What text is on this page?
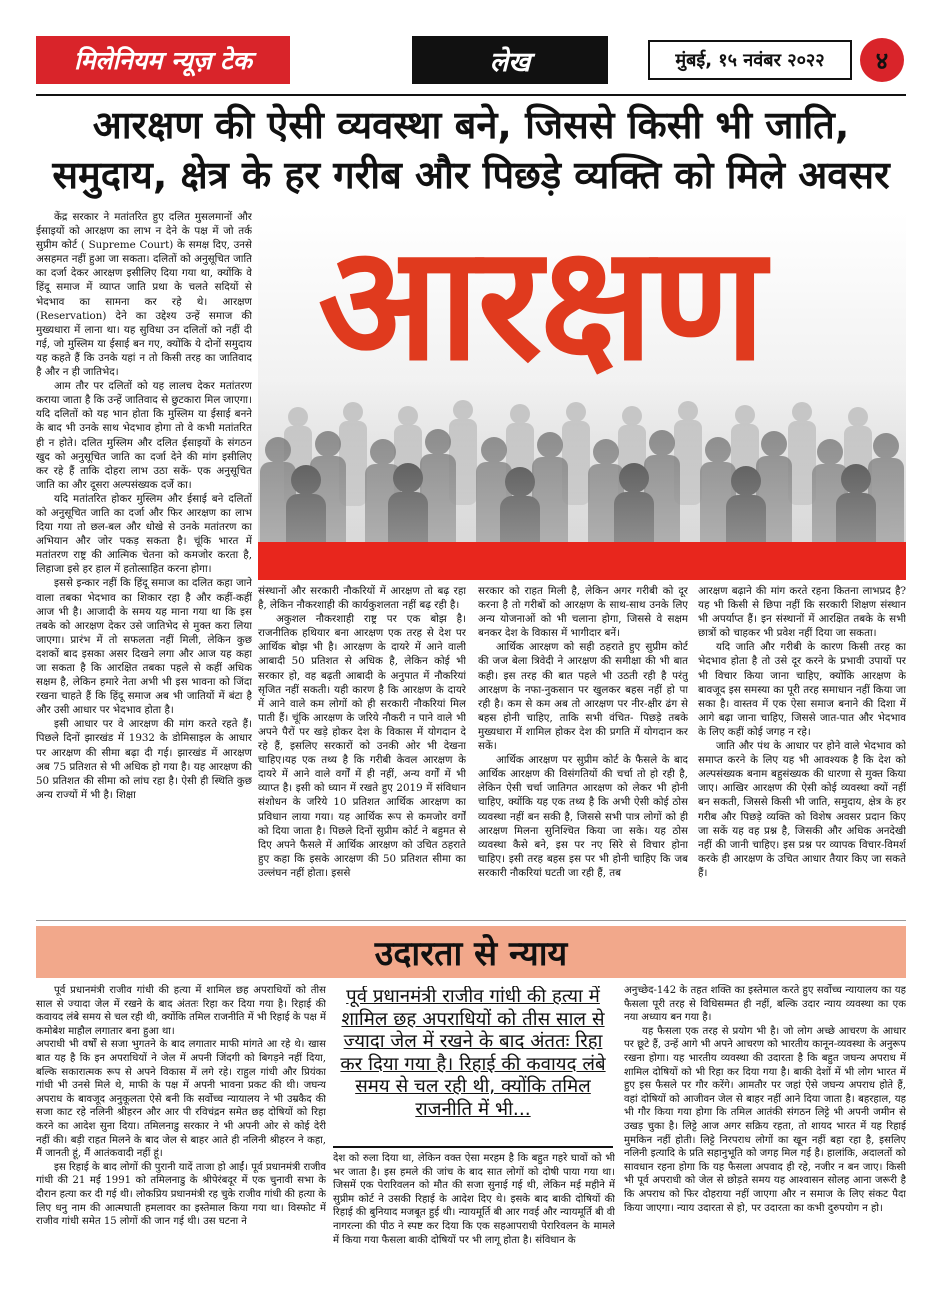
मिलेनियम न्यूज़ टेक	लेख	मुंबई, १५ नवंबर २०२२	४
आरक्षण की ऐसी व्यवस्था बने, जिससे किसी भी जाति,
समुदाय, क्षेत्र के हर गरीब और पिछड़े व्यक्ति को मिले अवसर

केंद्र सरकार ने मतांतरित हुए दलित मुसलमानों और ईसाइयों को आरक्षण का लाभ न देने के पक्ष में जो तर्क सुप्रीम कोर्ट ( Supreme Court) के समक्ष दिए, उनसे असहमत नहीं हुआ जा सकता। दलितों को अनुसूचित जाति का दर्जा देकर आरक्षण इसीलिए दिया गया था, क्योंकि वे हिंदू समाज में व्याप्त जाति प्रथा के चलते सदियों से भेदभाव का सामना कर रहे थे। आरक्षण (Reservation) देने का उद्देश्य उन्हें समाज की मुख्यधारा में लाना था। यह सुविधा उन दलितों को नहीं दी गई, जो मुस्लिम या ईसाई बन गए, क्योंकि ये दोनों समुदाय यह कहते हैं कि उनके यहां न तो किसी तरह का जातिवाद है और न ही जातिभेद।

आम तौर पर दलितों को यह लालच देकर मतांतरण कराया जाता है कि उन्हें जातिवाद से छुटकारा मिल जाएगा। यदि दलितों को यह भान होता कि मुस्लिम या ईसाई बनने के बाद भी उनके साथ भेदभाव होगा तो वे कभी मतांतरित ही न होते। दलित मुस्लिम और दलित ईसाइयों के संगठन खुद को अनुसूचित जाति का दर्जा देने की मांग इसीलिए कर रहे हैं ताकि दोहरा लाभ उठा सकें- एक अनुसूचित जाति का और दूसरा अल्पसंख्यक दर्जे का।

यदि मतांतरित होकर मुस्लिम और ईसाई बने दलितों को अनुसूचित जाति का दर्जा और फिर आरक्षण का लाभ दिया गया तो छल-बल और धोखे से उनके मतांतरण का अभियान और जोर पकड़ सकता है। चूंकि भारत में मतांतरण राष्ट्र की आत्मिक चेतना को कमजोर करता है, लिहाजा इसे हर हाल में हतोत्साहित करना होगा।

इससे इन्कार नहीं कि हिंदू समाज का दलित कहा जाने वाला तबका भेदभाव का शिकार रहा है और कहीं-कहीं आज भी है। आजादी के समय यह माना गया था कि इस तबके को आरक्षण देकर उसे जातिभेद से मुक्त करा लिया जाएगा। प्रारंभ में तो सफलता नहीं मिली, लेकिन कुछ दशकों बाद इसका असर दिखने लगा और आज यह कहा जा सकता है कि आरक्षित तबका पहले से कहीं अधिक सक्षम है, लेकिन हमारे नेता अभी भी इस भावना को जिंदा रखना चाहते हैं कि हिंदू समाज अब भी जातियों में बंटा है और उसी आधार पर भेदभाव होता है।

इसी आधार पर वे आरक्षण की मांग करते रहते हैं। पिछले दिनों झारखंड में 1932 के डोमिसाइल के आधार पर आरक्षण की सीमा बढ़ा दी गई। झारखंड में आरक्षण अब 75 प्रतिशत से भी अधिक हो गया है। यह आरक्षण की 50 प्रतिशत की सीमा को लांघ रहा है। ऐसी ही स्थिति कुछ अन्य राज्यों में भी है। शिक्षा

आरक्षण

संस्थानों और सरकारी नौकरियों में आरक्षण तो बढ़ रहा है, लेकिन नौकरशाही की कार्यकुशलता नहीं बढ़ रही है।

अकुशल नौकरशाही राष्ट्र पर एक बोझ है। राजनीतिक हथियार बना आरक्षण एक तरह से देश पर आर्थिक बोझ भी है। आरक्षण के दायरे में आने वाली आबादी 50 प्रतिशत से अधिक है, लेकिन कोई भी सरकार हो, वह बढ़ती आबादी के अनुपात में नौकरियां सृजित नहीं सकती। यही कारण है कि आरक्षण के दायरे में आने वाले कम लोगों को ही सरकारी नौकरियां मिल पाती हैं। चूंकि आरक्षण के जरिये नौकरी न पाने वाले भी अपने पैरों पर खड़े होकर देश के विकास में योगदान दे रहे हैं, इसलिए सरकारों को उनकी ओर भी देखना चाहिए।यह एक तथ्य है कि गरीबी केवल आरक्षण के दायरे में आने वाले वर्गों में ही नहीं, अन्य वर्गों में भी व्याप्त है। इसी को ध्यान में रखते हुए 2019 में संविधान संशोधन के जरिये 10 प्रतिशत आर्थिक आरक्षण का प्रविधान लाया गया। यह आर्थिक रूप से कमजोर वर्गों को दिया जाता है। पिछले दिनों सुप्रीम कोर्ट ने बहुमत से दिए अपने फैसले में आर्थिक आरक्षण को उचित ठहराते हुए कहा कि इसके आरक्षण की 50 प्रतिशत सीमा का उल्लंघन नहीं होता। इससे

सरकार को राहत मिली है, लेकिन अगर गरीबी को दूर करना है तो गरीबों को आरक्षण के साथ-साथ उनके लिए अन्य योजनाओं को भी चलाना होगा, जिससे वे सक्षम बनकर देश के विकास में भागीदार बनें।

आर्थिक आरक्षण को सही ठहराते हुए सुप्रीम कोर्ट की जज बेला त्रिवेदी ने आरक्षण की समीक्षा की भी बात कही। इस तरह की बात पहले भी उठती रही है परंतु आरक्षण के नफा-नुकसान पर खुलकर बहस नहीं हो पा रही है। कम से कम अब तो आरक्षण पर नीर-क्षीर ढंग से बहस होनी चाहिए, ताकि सभी वंचित- पिछड़े तबके मुख्यधारा में शामिल होकर देश की प्रगति में योगदान कर सकें।

आर्थिक आरक्षण पर सुप्रीम कोर्ट के फैसले के बाद आर्थिक आरक्षण की विसंगतियों की चर्चा तो हो रही है, लेकिन ऐसी चर्चा जातिगत आरक्षण को लेकर भी होनी चाहिए, क्योंकि यह एक तथ्य है कि अभी ऐसी कोई ठोस व्यवस्था नहीं बन सकी है, जिससे सभी पात्र लोगों को ही आरक्षण मिलना सुनिश्चित किया जा सके। यह ठोस व्यवस्था कैसे बने, इस पर नए सिरे से विचार होना चाहिए। इसी तरह बहस इस पर भी होनी चाहिए कि जब सरकारी नौकरियां घटती जा रही हैं, तब

आरक्षण बढ़ाने की मांग करते रहना कितना लाभप्रद है? यह भी किसी से छिपा नहीं कि सरकारी शिक्षण संस्थान भी अपर्याप्त हैं। इन संस्थानों में आरक्षित तबके के सभी छात्रों को चाहकर भी प्रवेश नहीं दिया जा सकता।

यदि जाति और गरीबी के कारण किसी तरह का भेदभाव होता है तो उसे दूर करने के प्रभावी उपायों पर भी विचार किया जाना चाहिए, क्योंकि आरक्षण के बावजूद इस समस्या का पूरी तरह समाधान नहीं किया जा सका है। वास्तव में एक ऐसा समाज बनाने की दिशा में आगे बढ़ा जाना चाहिए, जिससे जात-पात और भेदभाव के लिए कहीं कोई जगह न रहे।

जाति और पंथ के आधार पर होने वाले भेदभाव को समाप्त करने के लिए यह भी आवश्यक है कि देश को अल्पसंख्यक बनाम बहुसंख्यक की धारणा से मुक्त किया जाए। आखिर आरक्षण की ऐसी कोई व्यवस्था क्यों नहीं बन सकती, जिससे किसी भी जाति, समुदाय, क्षेत्र के हर गरीब और पिछड़े व्यक्ति को विशेष अवसर प्रदान किए जा सकें यह वह प्रश्न है, जिसकी और अधिक अनदेखी नहीं की जानी चाहिए। इस प्रश्न पर व्यापक विचार-विमर्श करके ही आरक्षण के उचित आधार तैयार किए जा सकते हैं।

उदारता से न्याय

पूर्व प्रधानमंत्री राजीव गांधी की हत्या में शामिल छह अपराधियों को तीस साल से ज्यादा जेल में रखने के बाद अंततः रिहा कर दिया गया है। रिहाई की कवायद लंबे समय से चल रही थी, क्योंकि तमिल राजनीति में भी रिहाई के पक्ष में कमोबेश माहौल लगातार बना हुआ था।

अपराधी भी वर्षों से सजा भुगतने के बाद लगातार माफी मांगते आ रहे थे। खास बात यह है कि इन अपराधियों ने जेल में अपनी जिंदगी को बिगड़ने नहीं दिया, बल्कि सकारात्मक रूप से अपने विकास में लगे रहे। राहुल गांधी और प्रियंका गांधी भी उनसे मिले थे, माफी के पक्ष में अपनी भावना प्रकट की थी। जघन्य अपराध के बावजूद अनुकूलता ऐसे बनी कि सर्वोच्च न्यायालय ने भी उम्रकैद की सजा काट रहे नलिनी श्रीहरन और आर पी रविचंद्रन समेत छह दोषियों को रिहा करने का आदेश सुना दिया। तमिलनाडु सरकार ने भी अपनी ओर से कोई देरी नहीं की। बड़ी राहत मिलने के बाद जेल से बाहर आते ही नलिनी श्रीहरन ने कहा, मैं जानती हूं, मैं आतंकवादी नहीं हूं।

इस रिहाई के बाद लोगों की पुरानी यादें ताजा हो आईं। पूर्व प्रधानमंत्री राजीव गांधी की 21 मई 1991 को तमिलनाडु के श्रीपेरंबदूर में एक चुनावी सभा के दौरान हत्या कर दी गई थी। लोकप्रिय प्रधानमंत्री रह चुके राजीव गांधी की हत्या के लिए धनु नाम की आत्मघाती हमलावर का इस्तेमाल किया गया था। विस्फोट में राजीव गांधी समेत 15 लोगों की जान गई थी। उस घटना ने

पूर्व प्रधानमंत्री राजीव गांधी की हत्या में शामिल छह अपराधियों को तीस साल से ज्यादा जेल में रखने के बाद अंततः रिहा कर दिया गया है। रिहाई की कवायद लंबे समय से चल रही थी, क्योंकि तमिल राजनीति में भी...

देश को रुला दिया था, लेकिन वक्त ऐसा मरहम है कि बहुत गहरे घावों को भी भर जाता है। इस हमले की जांच के बाद सात लोगों को दोषी पाया गया था। जिसमें एक पेरारिवलन को मौत की सजा सुनाई गई थी, लेकिन मई महीने में सुप्रीम कोर्ट ने उसकी रिहाई के आदेश दिए थे। इसके बाद बाकी दोषियों की रिहाई की बुनियाद मजबूत हुई थी। न्यायमूर्ति बी आर गवई और न्यायमूर्ति बी वी नागरत्ना की पीठ ने स्पष्ट कर दिया कि एक सहआपराधी पेरारिवलन के मामले में किया गया फैसला बाकी दोषियों पर भी लागू होता है। संविधान के

अनुच्छेद-142 के तहत शक्ति का इस्तेमाल करते हुए सर्वोच्च न्यायालय का यह फैसला पूरी तरह से विधिसम्मत ही नहीं, बल्कि उदार न्याय व्यवस्था का एक नया अध्याय बन गया है।

यह फैसला एक तरह से प्रयोग भी है। जो लोग अच्छे आचरण के आधार पर छूटे हैं, उन्हें आगे भी अपने आचरण को भारतीय कानून-व्यवस्था के अनुरूप रखना होगा। यह भारतीय व्यवस्था की उदारता है कि बहुत जघन्य अपराध में शामिल दोषियों को भी रिहा कर दिया गया है। बाकी देशों में भी लोग भारत में हुए इस फैसले पर गौर करेंगे। आमतौर पर जहां ऐसे जघन्य अपराध होते हैं, वहां दोषियों को आजीवन जेल से बाहर नहीं आने दिया जाता है। बहरहाल, यह भी गौर किया गया होगा कि तमिल आतंकी संगठन लिट्टे भी अपनी जमीन से उखड़ चुका है। लिट्टे आज अगर सक्रिय रहता, तो शायद भारत में यह रिहाई मुमकिन नहीं होती। लिट्टे निरपराध लोगों का खून नहीं बहा रहा है, इसलिए नलिनी इत्यादि के प्रति सहानुभूति को जगह मिल गई है। हालांकि, अदालतों को सावधान रहना होगा कि यह फैसला अपवाद ही रहे, नजीर न बन जाए। किसी भी पूर्व अपराधी को जेल से छोड़ते समय यह आश्वासन सोलह आना जरूरी है कि अपराध को फिर दोहराया नहीं जाएगा और न समाज के लिए संकट पैदा किया जाएगा। न्याय उदारता से हो, पर उदारता का कभी दुरुपयोग न हो।
